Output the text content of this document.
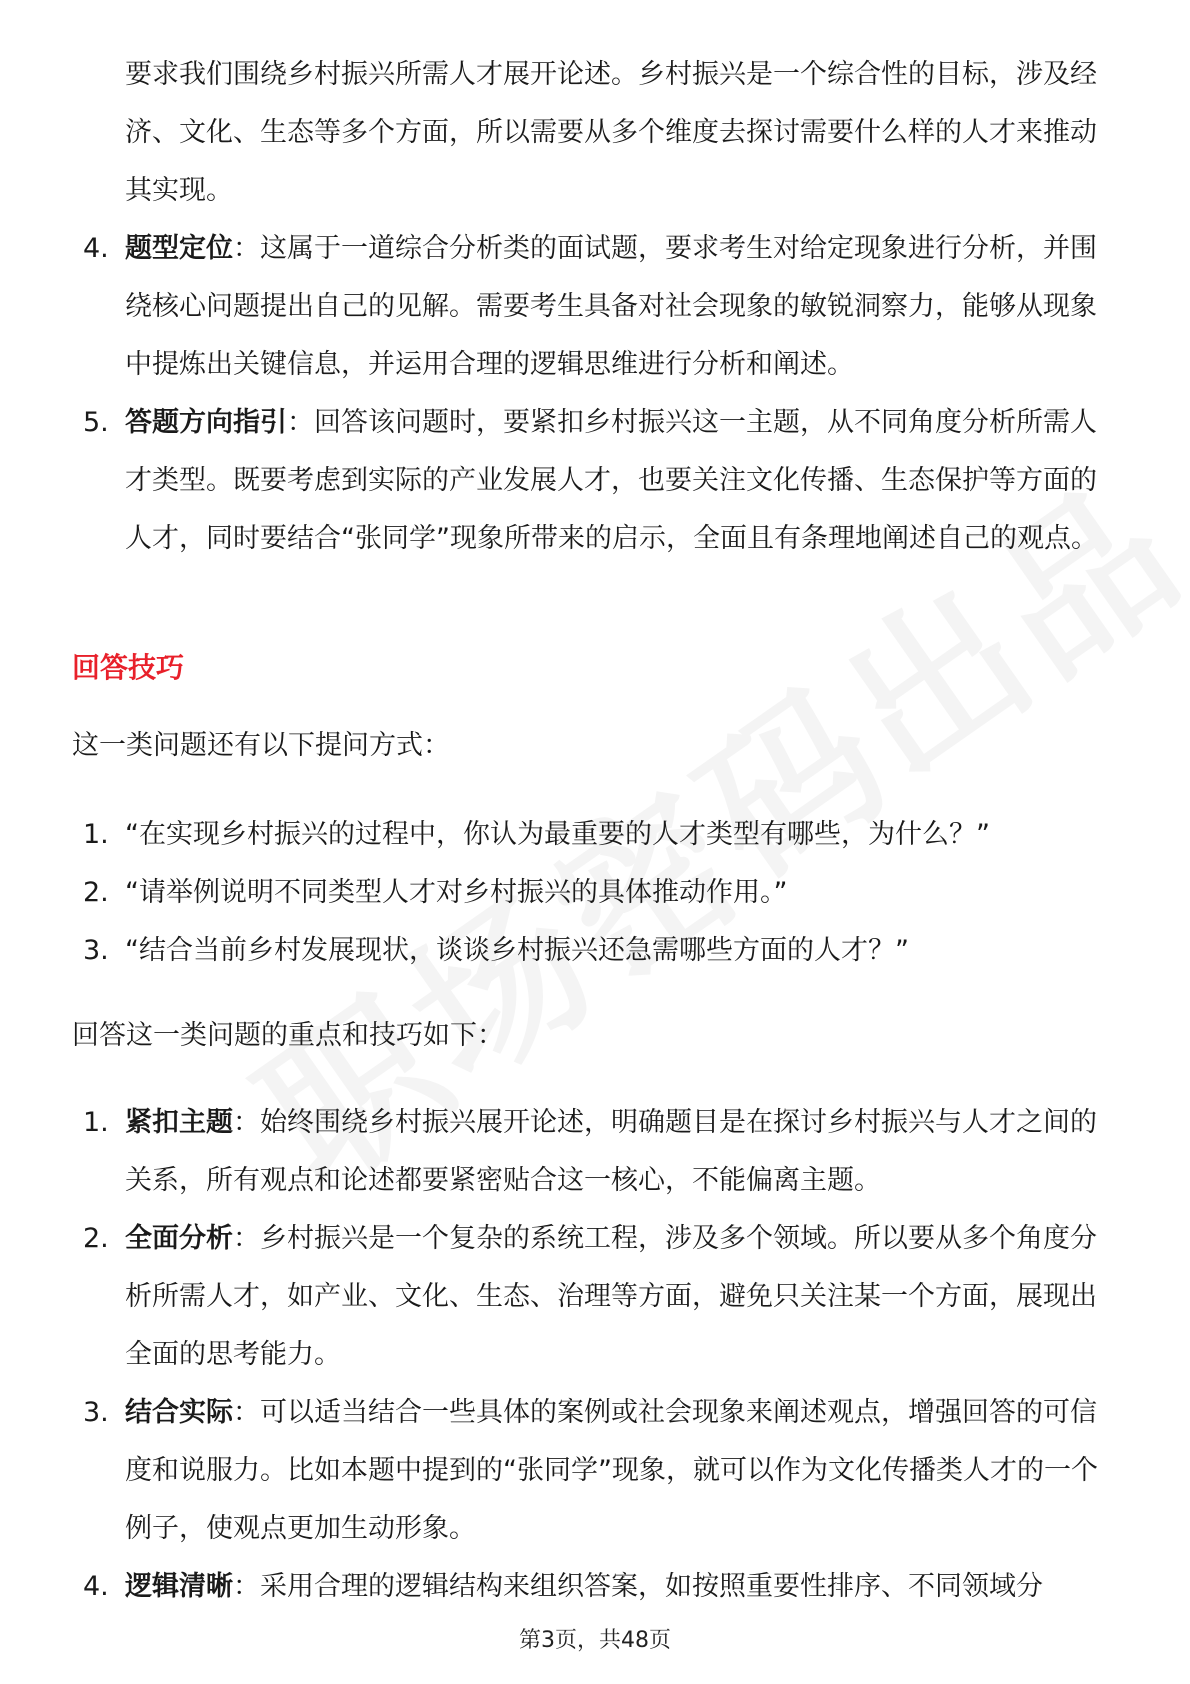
要求我们围绕乡村振兴所需人才展开论述。乡村振兴是一个综合性的目标，涉及经济、文化、生态等多个方面，所以需要从多个维度去探讨需要什么样的人才来推动其实现。
4. 题型定位：这属于一道综合分析类的面试题，要求考生对给定现象进行分析，并围绕核心问题提出自己的见解。需要考生具备对社会现象的敏锐洞察力，能够从现象中提炼出关键信息，并运用合理的逻辑思维进行分析和阐述。
5. 答题方向指引：回答该问题时，要紧扣乡村振兴这一主题，从不同角度分析所需人才类型。既要考虑到实际的产业发展人才，也要关注文化传播、生态保护等方面的人才，同时要结合“张同学”现象所带来的启示，全面且有条理地阐述自己的观点。
回答技巧
这一类问题还有以下提问方式：
1. “在实现乡村振兴的过程中，你认为最重要的人才类型有哪些，为什么？”
2. “请举例说明不同类型人才对乡村振兴的具体推动作用。”
3. “结合当前乡村发展现状，谈谈乡村振兴还急需哪些方面的人才？”
回答这一类问题的重点和技巧如下：
1. 紧扣主题：始终围绕乡村振兴展开论述，明确题目是在探讨乡村振兴与人才之间的关系，所有观点和论述都要紧密贴合这一核心，不能偏离主题。
2. 全面分析：乡村振兴是一个复杂的系统工程，涉及多个领域。所以要从多个角度分析所需人才，如产业、文化、生态、治理等方面，避免只关注某一个方面，展现出全面的思考能力。
3. 结合实际：可以适当结合一些具体的案例或社会现象来阐述观点，增强回答的可信度和说服力。比如本题中提到的“张同学”现象，就可以作为文化传播类人才的一个例子，使观点更加生动形象。
4. 逻辑清晰：采用合理的逻辑结构来组织答案，如按照重要性排序、不同领域分
第3页，共48页
